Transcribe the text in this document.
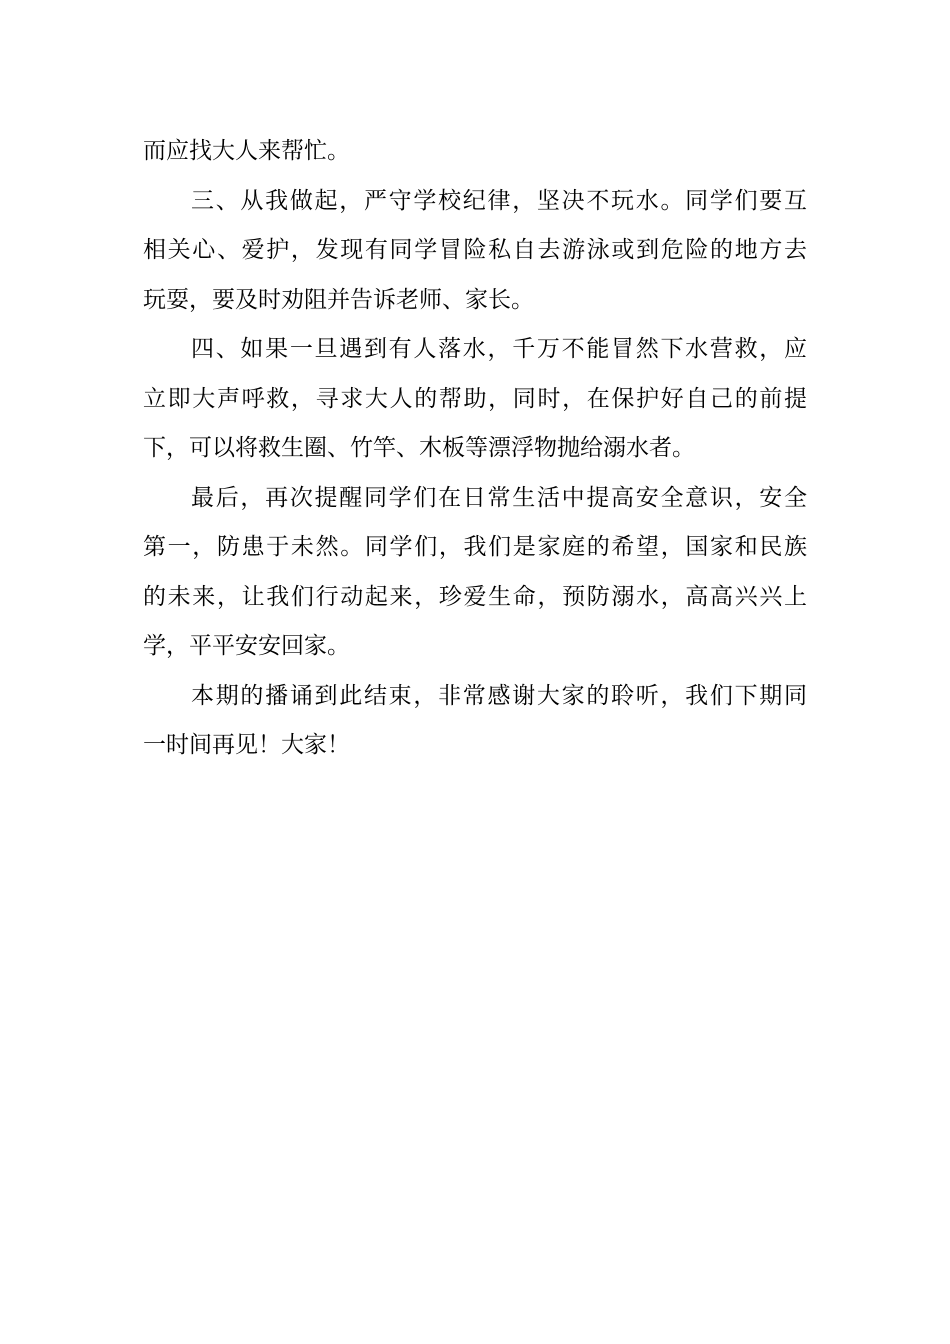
而应找大人来帮忙。
三、从我做起，严守学校纪律，坚决不玩水。同学们要互
相关心、爱护，发现有同学冒险私自去游泳或到危险的地方去
玩耍，要及时劝阻并告诉老师、家长。
四、如果一旦遇到有人落水，千万不能冒然下水营救，应
立即大声呼救，寻求大人的帮助，同时，在保护好自己的前提
下，可以将救生圈、竹竿、木板等漂浮物抛给溺水者。
最后，再次提醒同学们在日常生活中提高安全意识，安全
第一，防患于未然。同学们，我们是家庭的希望，国家和民族
的未来，让我们行动起来，珍爱生命，预防溺水，高高兴兴上
学，平平安安回家。
本期的播诵到此结束，非常感谢大家的聆听，我们下期同
一时间再见！大家！
